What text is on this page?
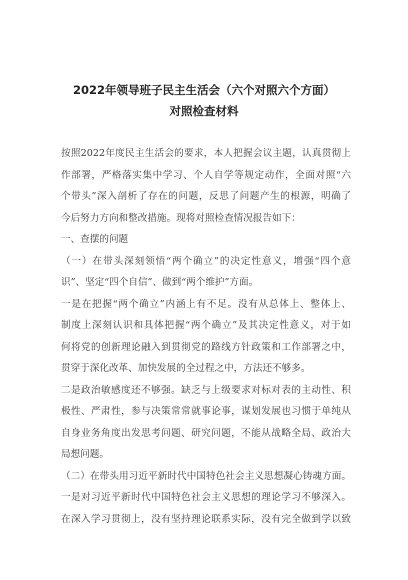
2022年领导班子民主生活会（六个对照六个方面）
对照检查材料
按照2022年度民主生活会的要求，本人把握会议主题，认真贯彻上
作部署，严格落实集中学习、个人自学等规定动作，全面对照“六
个带头”深入剖析了存在的问题，反思了问题产生的根源，明确了
今后努力方向和整改措施。现将对照检查情况报告如下：
一、查摆的问题
（一）在带头深刻领悟“两个确立”的决定性意义，增强“四个意
识”、坚定“四个自信”、做到“两个维护”方面。
一是在把握“两个确立”内涵上有不足。没有从总体上、整体上、
制度上深刻认识和具体把握“两个确立”及其决定性意义，对于如
何将党的创新理论融入到贯彻党的路线方针政策和工作部署之中，
贯穿于深化改革、加快发展的全过程之中，方法还不够多。
二是政治敏感度还不够强。缺乏与上级要求对标对表的主动性、积
极性、严肃性，参与决策常常就事论事，谋划发展也习惯于单纯从
自身业务角度出发思考问题、研究问题，不能从战略全局、政治大
局想问题。
（二）在带头用习近平新时代中国特色社会主义思想凝心铸魂方面。
一是对习近平新时代中国特色社会主义思想的理论学习不够深入。
在深入学习贯彻上，没有坚持理论联系实际，没有完全做到学以致
